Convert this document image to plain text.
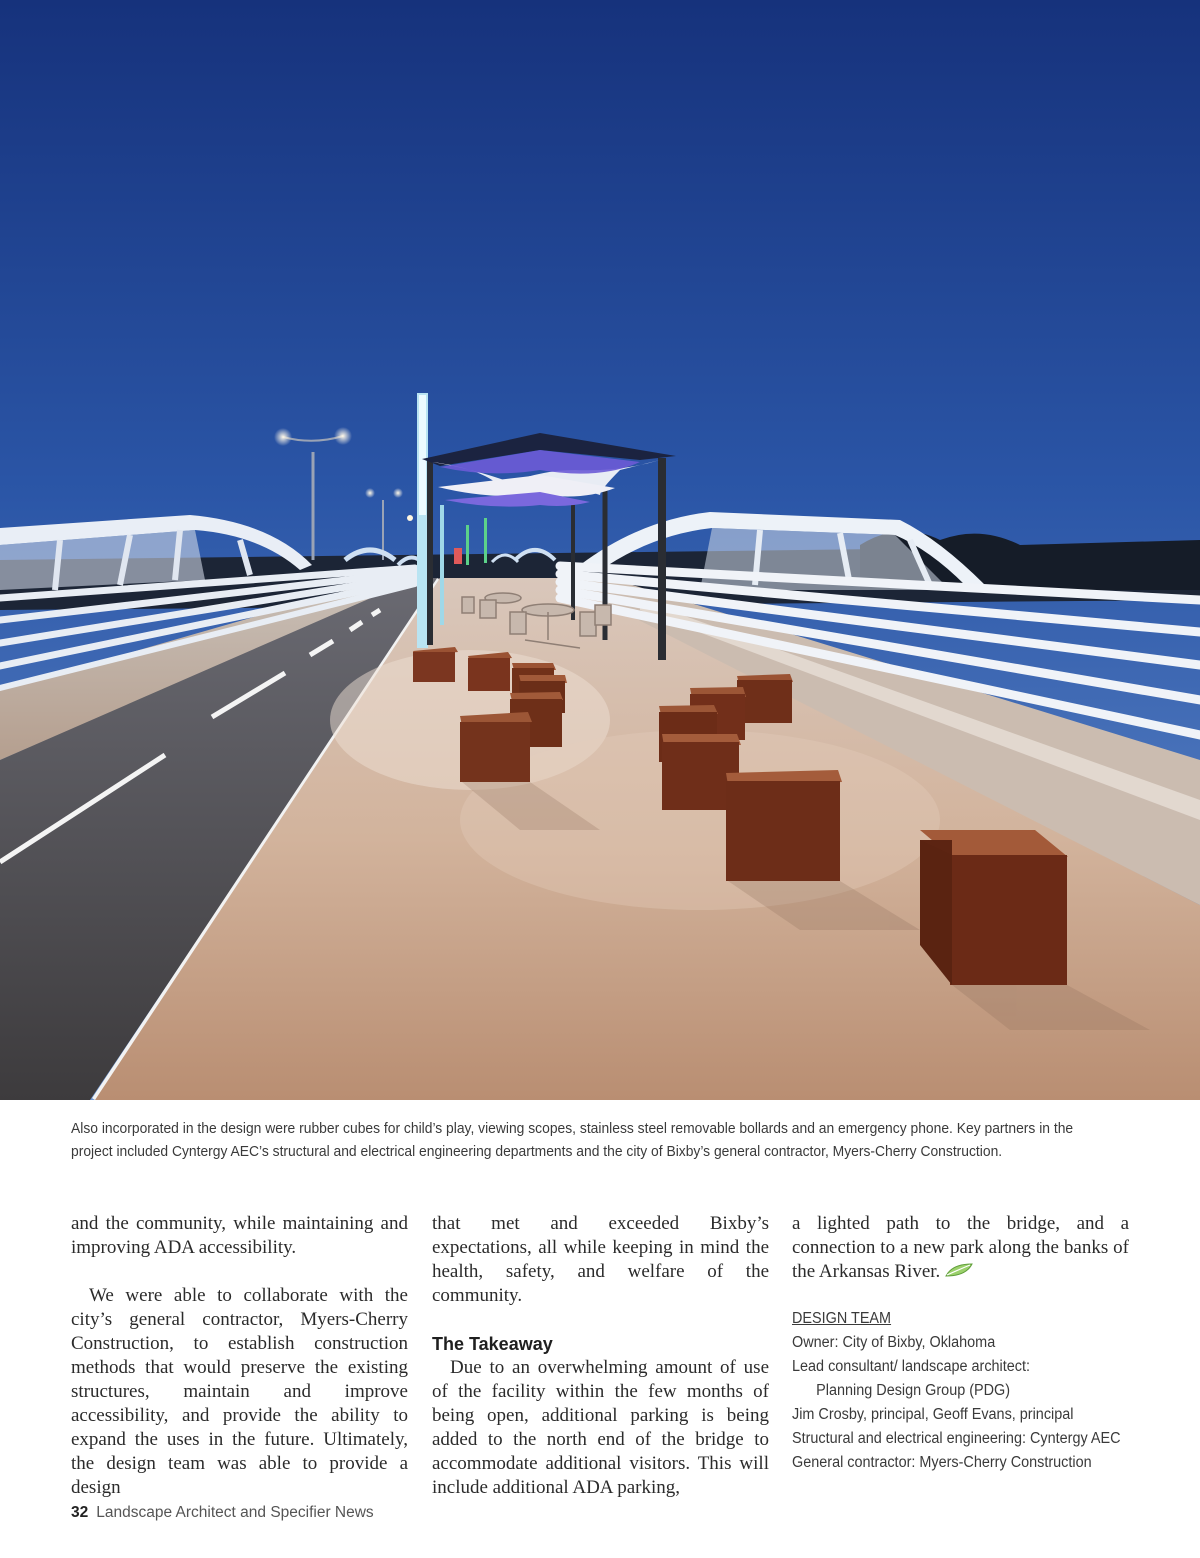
Also incorporated in the design were rubber cubes for child’s play, viewing scopes, stainless steel removable bollards and an emergency phone. Key partners in the project included Cyntergy AEC’s structural and electrical engineering departments and the city of Bixby’s general contractor, Myers-Cherry Construction.

and the community, while maintaining and improving ADA accessibility.

We were able to collaborate with the city’s general contractor, Myers-Cherry Construction, to establish construction methods that would preserve the existing structures, maintain and improve accessibility, and provide the ability to expand the uses in the future. Ultimately, the design team was able to provide a design

that met and exceeded Bixby’s expectations, all while keeping in mind the health, safety, and welfare of the community.

The Takeaway

Due to an overwhelming amount of use of the facility within the few months of being open, additional parking is being added to the north end of the bridge to accommodate additional visitors. This will include additional ADA parking,

a lighted path to the bridge, and a connection to a new park along the banks of the Arkansas River.

DESIGN TEAM
Owner: City of Bixby, Oklahoma
Lead consultant/ landscape architect:
Planning Design Group (PDG)
Jim Crosby, principal, Geoff Evans, principal
Structural and electrical engineering: Cyntergy AEC
General contractor: Myers-Cherry Construction
32 Landscape Architect and Specifier News
